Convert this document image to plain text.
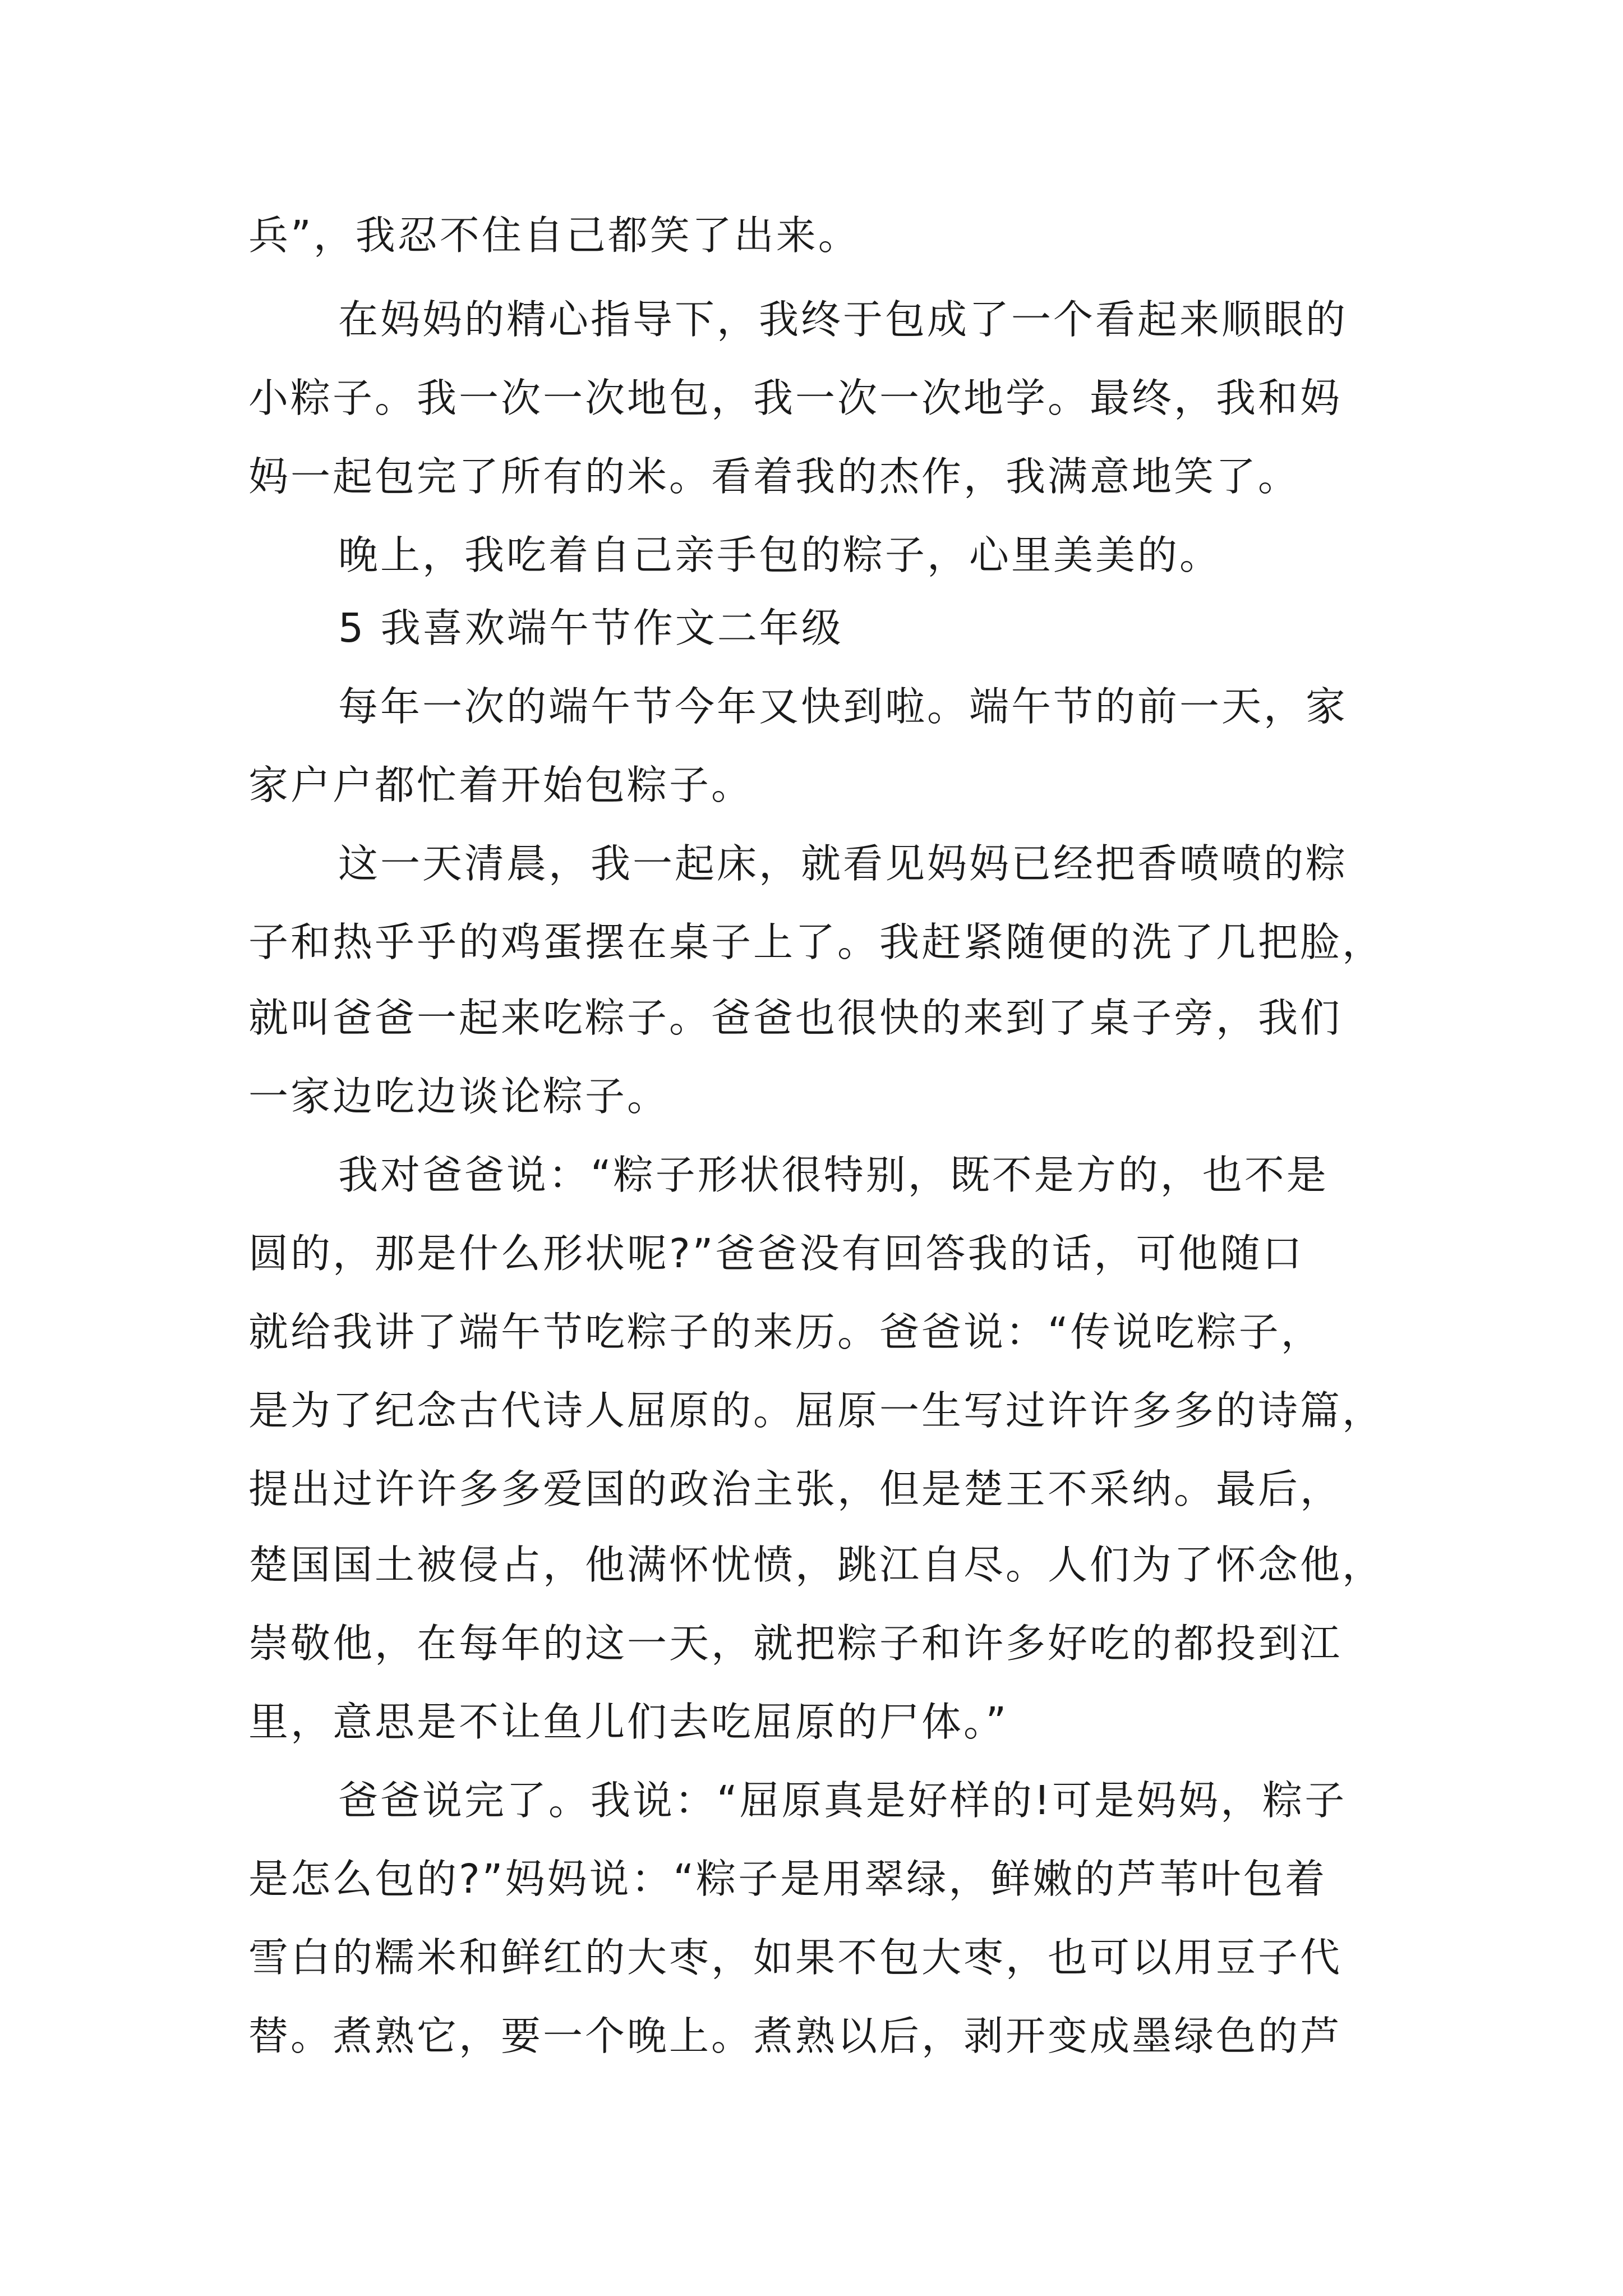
兵”，我忍不住自己都笑了出来。
在妈妈的精心指导下，我终于包成了一个看起来顺眼的
小粽子。我一次一次地包，我一次一次地学。最终，我和妈
妈一起包完了所有的米。看着我的杰作，我满意地笑了。
晚上，我吃着自己亲手包的粽子，心里美美的。
5 我喜欢端午节作文二年级
每年一次的端午节今年又快到啦。端午节的前一天，家
家户户都忙着开始包粽子。
这一天清晨，我一起床，就看见妈妈已经把香喷喷的粽
子和热乎乎的鸡蛋摆在桌子上了。我赶紧随便的洗了几把脸，
就叫爸爸一起来吃粽子。爸爸也很快的来到了桌子旁，我们
一家边吃边谈论粽子。
我对爸爸说：“粽子形状很特别，既不是方的，也不是
圆的，那是什么形状呢?”爸爸没有回答我的话，可他随口
就给我讲了端午节吃粽子的来历。爸爸说：“传说吃粽子，
是为了纪念古代诗人屈原的。屈原一生写过许许多多的诗篇，
提出过许许多多爱国的政治主张，但是楚王不采纳。最后，
楚国国土被侵占，他满怀忧愤，跳江自尽。人们为了怀念他，
崇敬他，在每年的这一天，就把粽子和许多好吃的都投到江
里，意思是不让鱼儿们去吃屈原的尸体。”
爸爸说完了。我说：“屈原真是好样的!可是妈妈，粽子
是怎么包的?”妈妈说：“粽子是用翠绿，鲜嫩的芦苇叶包着
雪白的糯米和鲜红的大枣，如果不包大枣，也可以用豆子代
替。煮熟它，要一个晚上。煮熟以后，剥开变成墨绿色的芦
